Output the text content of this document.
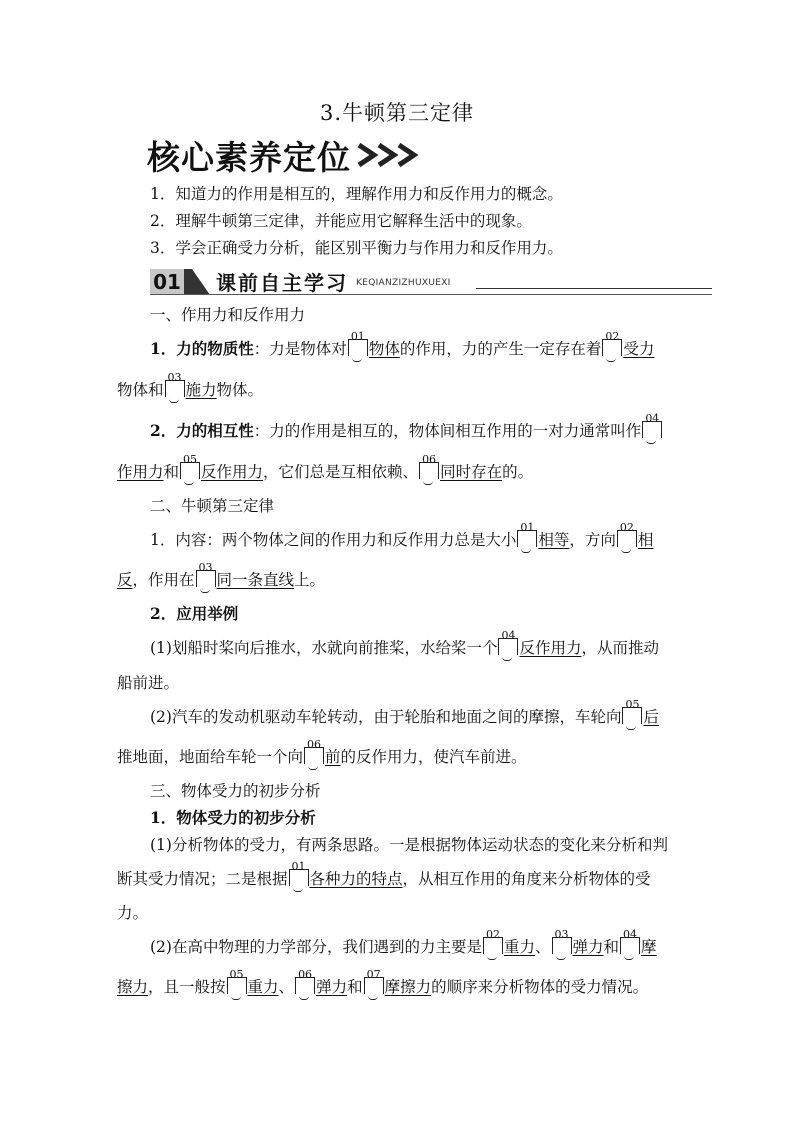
3.牛顿第三定律
核心素养定位
1．知道力的作用是相互的，理解作用力和反作用力的概念。
2．理解牛顿第三定律，并能应用它解释生活中的现象。
3．学会正确受力分析，能区别平衡力与作用力和反作用力。
01 课前自主学习 KEQIANZIZHUXUEXI
一、作用力和反作用力
1．力的物质性：力是物体对
01
物体的作用，力的产生一定存在着
02
受力
物体和
03
施力物体。
2．力的相互性：力的作用是相互的，物体间相互作用的一对力通常叫作
04
作用力和
05
反作用力，它们总是互相依赖、
06
同时存在的。
二、牛顿第三定律
1．内容：两个物体之间的作用力和反作用力总是大小
01
相等，方向
02
相
反，作用在
03
同一条直线上。
2．应用举例
(1)划船时桨向后推水，水就向前推桨，水给桨一个
04
反作用力，从而推动
船前进。
(2)汽车的发动机驱动车轮转动，由于轮胎和地面之间的摩擦，车轮向
05
后
推地面，地面给车轮一个向
06
前的反作用力，使汽车前进。
三、物体受力的初步分析
1．物体受力的初步分析
(1)分析物体的受力，有两条思路。一是根据物体运动状态的变化来分析和判
断其受力情况；二是根据
01
各种力的特点，从相互作用的角度来分析物体的受
力。
(2)在高中物理的力学部分，我们遇到的力主要是
02
重力、
03
弹力和
04
摩
擦力，且一般按
05
重力、
06
弹力和
07
摩擦力的顺序来分析物体的受力情况。
